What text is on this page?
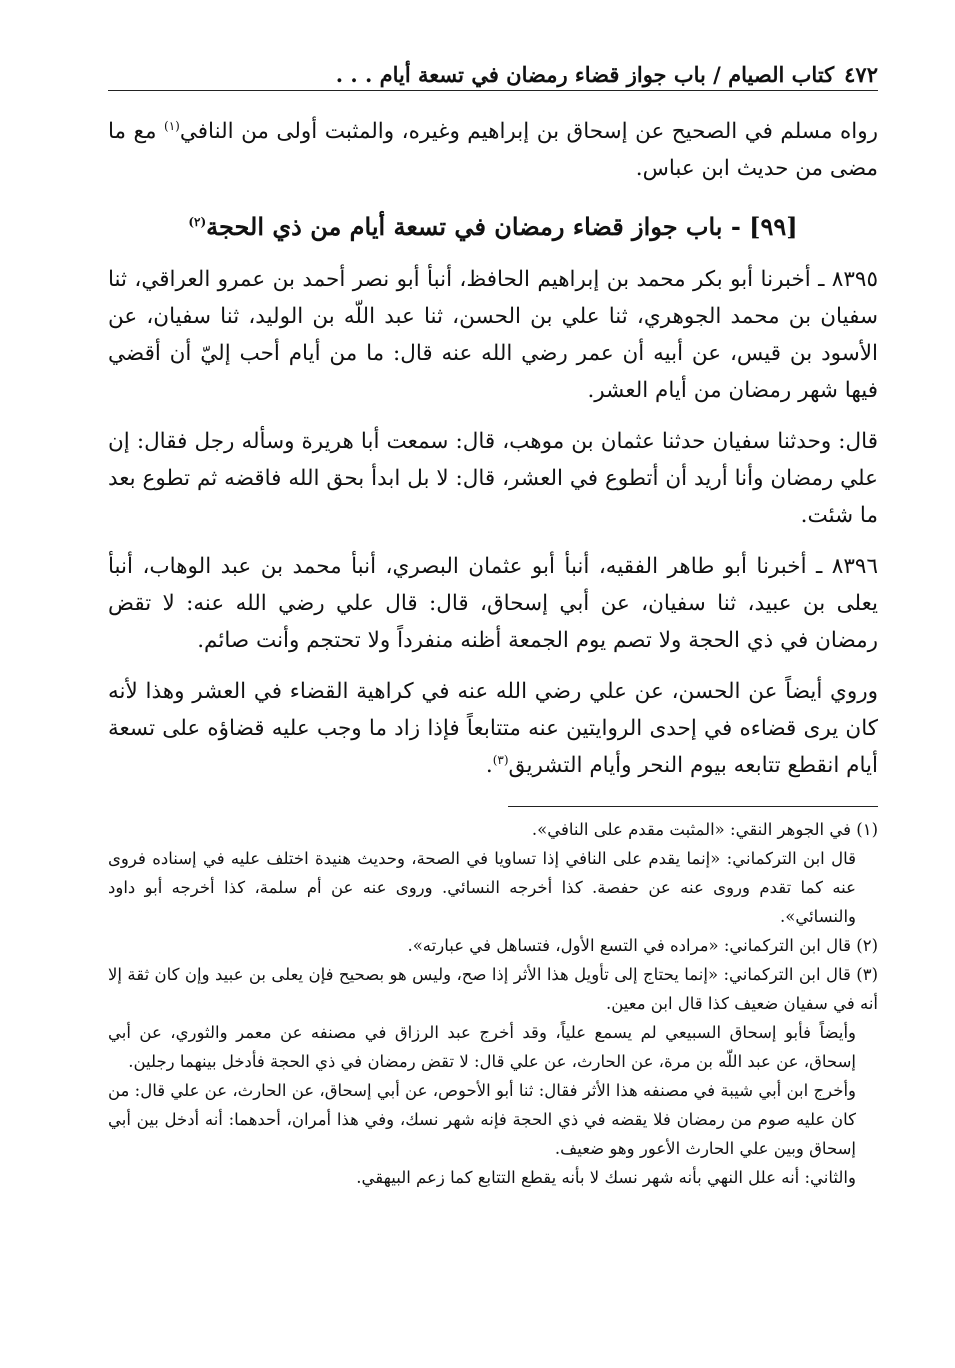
٤٧٢
كتاب الصيام / باب جواز قضاء رمضان في تسعة أيام . . .

رواه مسلم في الصحيح عن إسحاق بن إبراهيم وغيره، والمثبت أولى من النافي$^{(١)}$ مع ما مضى من حديث ابن عباس.

[٩٩] - باب جواز قضاء رمضان في تسعة أيام من ذي الحجة$^{(٢)}$

٨٣٩٥ ـ أخبرنا أبو بكر محمد بن إبراهيم الحافظ، أنبأ أبو نصر أحمد بن عمرو العراقي، ثنا سفيان بن محمد الجوهري، ثنا علي بن الحسن، ثنا عبد اللّه بن الوليد، ثنا سفيان، عن الأسود بن قيس، عن أبيه أن عمر رضي الله عنه قال: ما من أيام أحب إليّ أن أقضي فيها شهر رمضان من أيام العشر.

قال: وحدثنا سفيان حدثنا عثمان بن موهب، قال: سمعت أبا هريرة وسأله رجل فقال: إن علي رمضان وأنا أريد أن أتطوع في العشر، قال: لا بل ابدأ بحق الله فاقضه ثم تطوع بعد ما شئت.

٨٣٩٦ ـ أخبرنا أبو طاهر الفقيه، أنبأ أبو عثمان البصري، أنبأ محمد بن عبد الوهاب، أنبأ يعلى بن عبيد، ثنا سفيان، عن أبي إسحاق، قال: قال علي رضي الله عنه: لا تقض رمضان في ذي الحجة ولا تصم يوم الجمعة أظنه منفرداً ولا تحتجم وأنت صائم.

وروي أيضاً عن الحسن، عن علي رضي الله عنه في كراهية القضاء في العشر وهذا لأنه كان يرى قضاءه في إحدى الروايتين عنه متتابعاً فإذا زاد ما وجب عليه قضاؤه على تسعة أيام انقطع تتابعه بيوم النحر وأيام التشريق$^{(٣)}$.

(١) في الجوهر النقي: «المثبت مقدم على النافي».

قال ابن التركماني: «إنما يقدم على النافي إذا تساويا في الصحة، وحديث هنيدة اختلف عليه في إسناده فروى عنه كما تقدم وروى عنه عن حفصة. كذا أخرجه النسائي. وروى عنه عن أم سلمة، كذا أخرجه أبو داود والنسائي».

(٢) قال ابن التركماني: «مراده في التسع الأول، فتساهل في عبارته».

(٣) قال ابن التركماني: «إنما يحتاج إلى تأويل هذا الأثر إذا صح، وليس هو بصحيح فإن يعلى بن عبيد وإن كان ثقة إلا أنه في سفيان ضعيف كذا قال ابن معين.

وأيضاً فأبو إسحاق السبيعي لم يسمع علياً، وقد أخرج عبد الرزاق في مصنفه عن معمر والثوري، عن أبي إسحاق، عن عبد اللّه بن مرة، عن الحارث، عن علي قال: لا تقض رمضان في ذي الحجة فأدخل بينهما رجلين.

وأخرج ابن أبي شيبة في مصنفه هذا الأثر فقال: ثنا أبو الأحوص، عن أبي إسحاق، عن الحارث، عن علي قال: من كان عليه صوم من رمضان فلا يقضه في ذي الحجة فإنه شهر نسك، وفي هذا أمران، أحدهما: أنه أدخل بين أبي إسحاق وبين علي الحارث الأعور وهو ضعيف.

والثاني: أنه علل النهي بأنه شهر نسك لا بأنه يقطع التتابع كما زعم البيهقي.
